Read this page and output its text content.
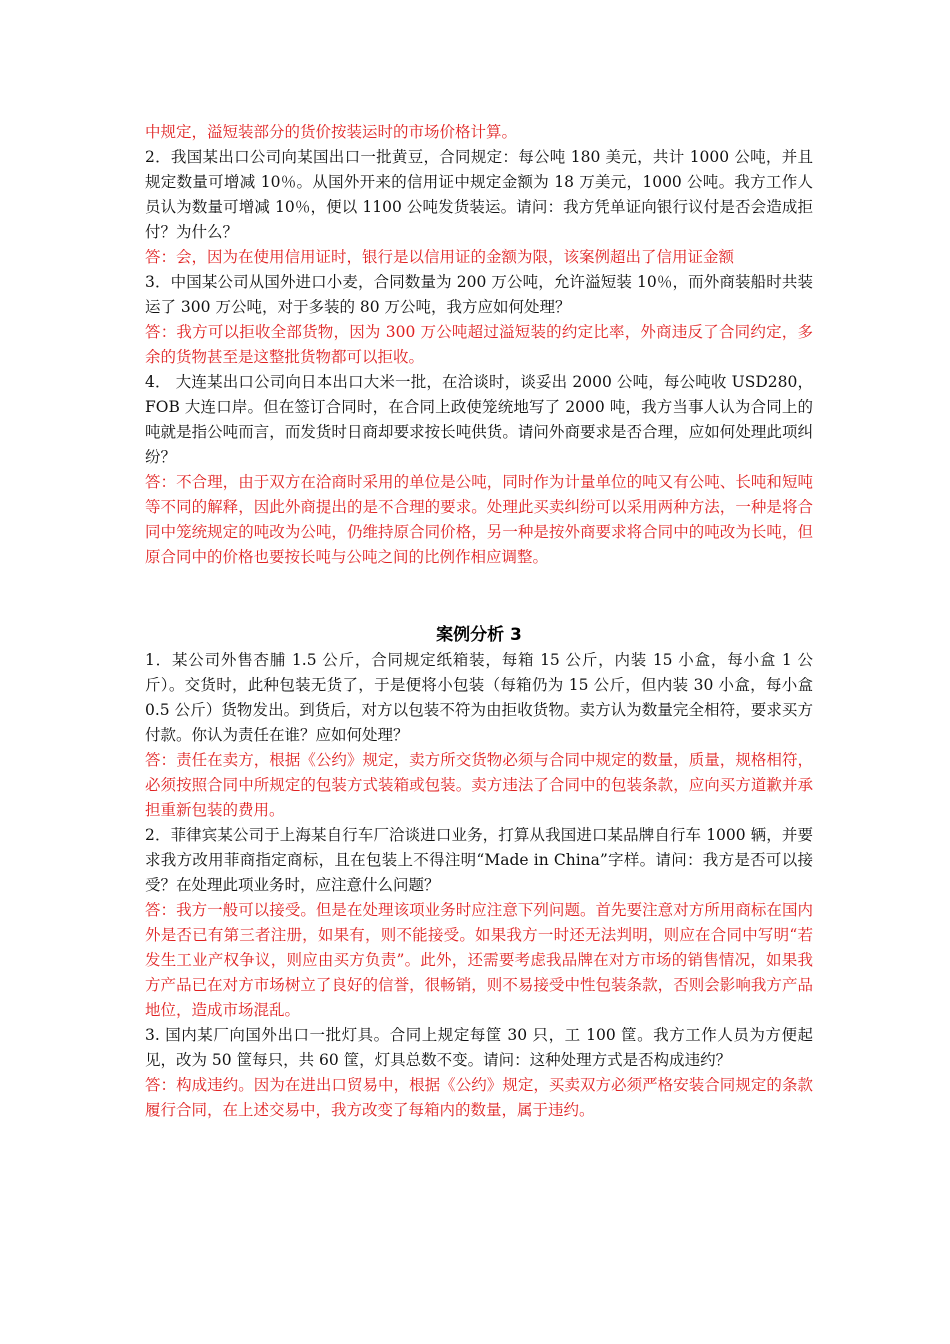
中规定，溢短装部分的货价按装运时的市场价格计算。

2．我国某出口公司向某国出口一批黄豆，合同规定：每公吨 180 美元，共计 1000 公吨，并且规定数量可增减 10％。从国外开来的信用证中规定金额为 18 万美元，1000 公吨。我方工作人员认为数量可增减 10％，便以 1100 公吨发货装运。请问：我方凭单证向银行议付是否会造成拒付？为什么？

答：会，因为在使用信用证时，银行是以信用证的金额为限，该案例超出了信用证金额

3．中国某公司从国外进口小麦，合同数量为 200 万公吨，允许溢短装 10％，而外商装船时共装运了 300 万公吨，对于多装的 80 万公吨，我方应如何处理？

答：我方可以拒收全部货物，因为 300 万公吨超过溢短装的约定比率，外商违反了合同约定，多余的货物甚至是这整批货物都可以拒收。

4． 大连某出口公司向日本出口大米一批，在洽谈时，谈妥出 2000 公吨，每公吨收 USD280，FOB 大连口岸。但在签订合同时，在合同上政使笼统地写了 2000 吨，我方当事人认为合同上的吨就是指公吨而言，而发货时日商却要求按长吨供货。请问外商要求是否合理，应如何处理此项纠纷？

答：不合理，由于双方在洽商时采用的单位是公吨，同时作为计量单位的吨又有公吨、长吨和短吨等不同的解释，因此外商提出的是不合理的要求。处理此买卖纠纷可以采用两种方法，一种是将合同中笼统规定的吨改为公吨，仍维持原合同价格，另一种是按外商要求将合同中的吨改为长吨，但原合同中的价格也要按长吨与公吨之间的比例作相应调整。

案例分析 3

1．某公司外售杏脯 1.5 公斤，合同规定纸箱装，每箱 15 公斤，内装 15 小盒，每小盒 1 公斤）。交货时，此种包装无货了，于是便将小包装（每箱仍为 15 公斤，但内装 30 小盒，每小盒 0.5 公斤）货物发出。到货后，对方以包装不符为由拒收货物。卖方认为数量完全相符，要求买方付款。你认为责任在谁？应如何处理？

答：责任在卖方，根据《公约》规定，卖方所交货物必须与合同中规定的数量，质量，规格相符，必须按照合同中所规定的包装方式装箱或包装。卖方违法了合同中的包装条款，应向买方道歉并承担重新包装的费用。

2．菲律宾某公司于上海某自行车厂洽谈进口业务，打算从我国进口某品牌自行车 1000 辆，并要求我方改用菲商指定商标，且在包装上不得注明“Made in China”字样。请问：我方是否可以接受？在处理此项业务时，应注意什么问题？

答：我方一般可以接受。但是在处理该项业务时应注意下列问题。首先要注意对方所用商标在国内外是否已有第三者注册，如果有，则不能接受。如果我方一时还无法判明，则应在合同中写明“若发生工业产权争议，则应由买方负责”。此外，还需要考虑我品牌在对方市场的销售情况，如果我方产品已在对方市场树立了良好的信誉，很畅销，则不易接受中性包装条款，否则会影响我方产品地位，造成市场混乱。

3. 国内某厂向国外出口一批灯具。合同上规定每筐 30 只，工 100 筐。我方工作人员为方便起见，改为 50 筐每只，共 60 筐，灯具总数不变。请问：这种处理方式是否构成违约？

答：构成违约。因为在进出口贸易中，根据《公约》规定，买卖双方必须严格安装合同规定的条款履行合同，在上述交易中，我方改变了每箱内的数量，属于违约。
